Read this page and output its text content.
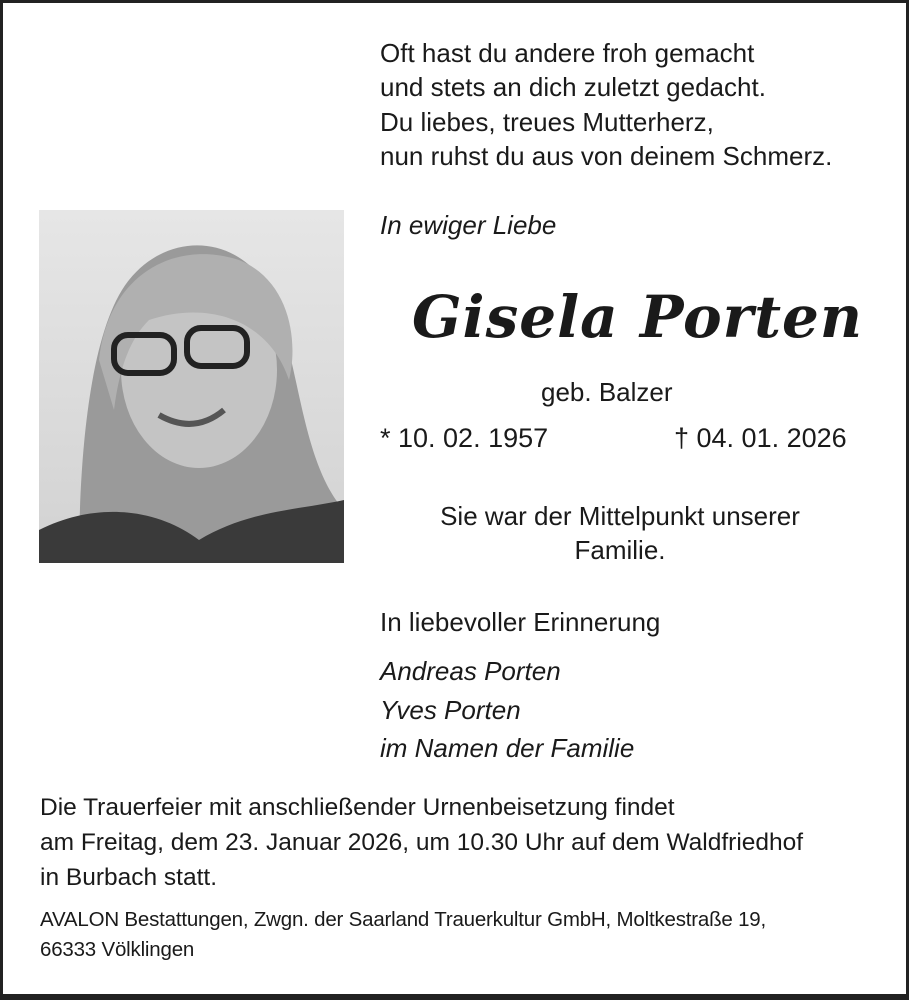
Oft hast du andere froh gemacht
und stets an dich zuletzt gedacht.
Du liebes, treues Mutterherz,
nun ruhst du aus von deinem Schmerz.
In ewiger Liebe
Gisela Porten
geb. Balzer
* 10. 02. 1957	† 04. 01. 2026
Sie war der Mittelpunkt unserer
Familie.
In liebevoller Erinnerung
Andreas Porten
Yves Porten
im Namen der Familie
Die Trauerfeier mit anschließender Urnenbeisetzung findet
am Freitag, dem 23. Januar 2026, um 10.30 Uhr auf dem Waldfriedhof
in Burbach statt.
AVALON Bestattungen, Zwgn. der Saarland Trauerkultur GmbH, Moltkestraße 19,
66333 Völklingen
